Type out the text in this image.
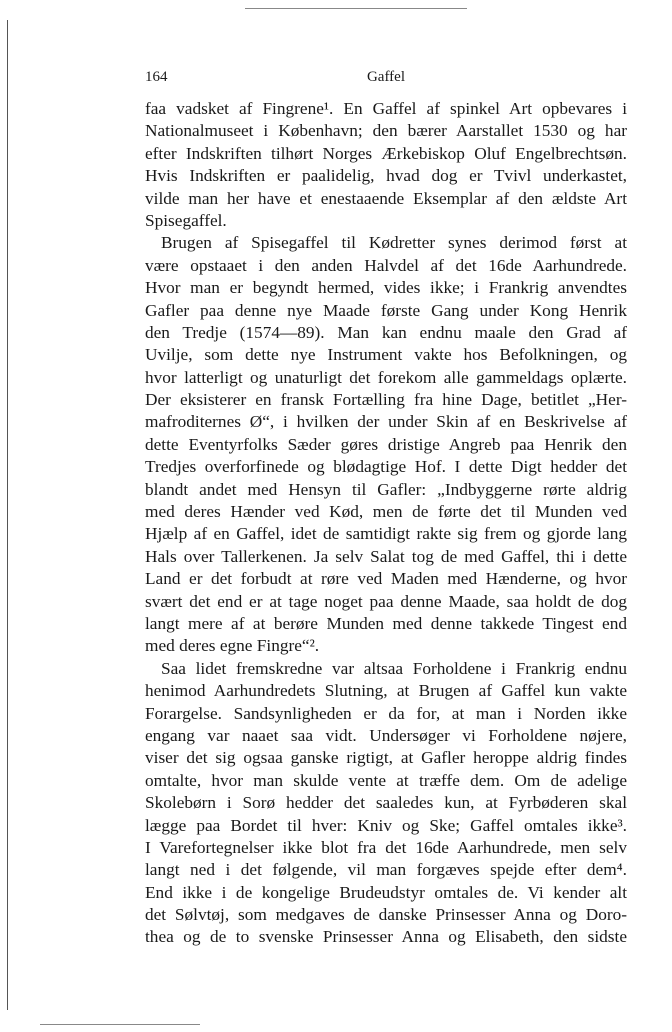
164	Gaffel
faa vadsket af Fingrene¹. En Gaffel af spinkel Art opbevares i
Nationalmuseet i København; den bærer Aarstallet 1530 og har
efter Indskriften tilhørt Norges Ærkebiskop Oluf Engelbrechtsøn.
Hvis Indskriften er paalidelig, hvad dog er Tvivl underkastet,
vilde man her have et enestaaende Eksemplar af den ældste Art
Spisegaffel.
Brugen af Spisegaffel til Kødretter synes derimod først at
være opstaaet i den anden Halvdel af det 16de Aarhundrede.
Hvor man er begyndt hermed, vides ikke; i Frankrig anvendtes
Gafler paa denne nye Maade første Gang under Kong Henrik
den Tredje (1574—89). Man kan endnu maale den Grad af
Uvilje, som dette nye Instrument vakte hos Befolkningen, og
hvor latterligt og unaturligt det forekom alle gammeldags oplærte.
Der eksisterer en fransk Fortælling fra hine Dage, betitlet „Her-
mafroditernes Ø“, i hvilken der under Skin af en Beskrivelse af
dette Eventyrfolks Sæder gøres dristige Angreb paa Henrik den
Tredjes overforfinede og blødagtige Hof. I dette Digt hedder det
blandt andet med Hensyn til Gafler: „Indbyggerne rørte aldrig
med deres Hænder ved Kød, men de førte det til Munden ved
Hjælp af en Gaffel, idet de samtidigt rakte sig frem og gjorde lang
Hals over Tallerkenen. Ja selv Salat tog de med Gaffel, thi i dette
Land er det forbudt at røre ved Maden med Hænderne, og hvor
svært det end er at tage noget paa denne Maade, saa holdt de dog
langt mere af at berøre Munden med denne takkede Tingest end
med deres egne Fingre“².
Saa lidet fremskredne var altsaa Forholdene i Frankrig endnu
henimod Aarhundredets Slutning, at Brugen af Gaffel kun vakte
Forargelse. Sandsynligheden er da for, at man i Norden ikke
engang var naaet saa vidt. Undersøger vi Forholdene nøjere,
viser det sig ogsaa ganske rigtigt, at Gafler heroppe aldrig findes
omtalte, hvor man skulde vente at træffe dem. Om de adelige
Skolebørn i Sorø hedder det saaledes kun, at Fyrbøderen skal
lægge paa Bordet til hver: Kniv og Ske; Gaffel omtales ikke³.
I Varefortegnelser ikke blot fra det 16de Aarhundrede, men selv
langt ned i det følgende, vil man forgæves spejde efter dem⁴.
End ikke i de kongelige Brudeudstyr omtales de. Vi kender alt
det Sølvtøj, som medgaves de danske Prinsesser Anna og Doro-
thea og de to svenske Prinsesser Anna og Elisabeth, den sidste
